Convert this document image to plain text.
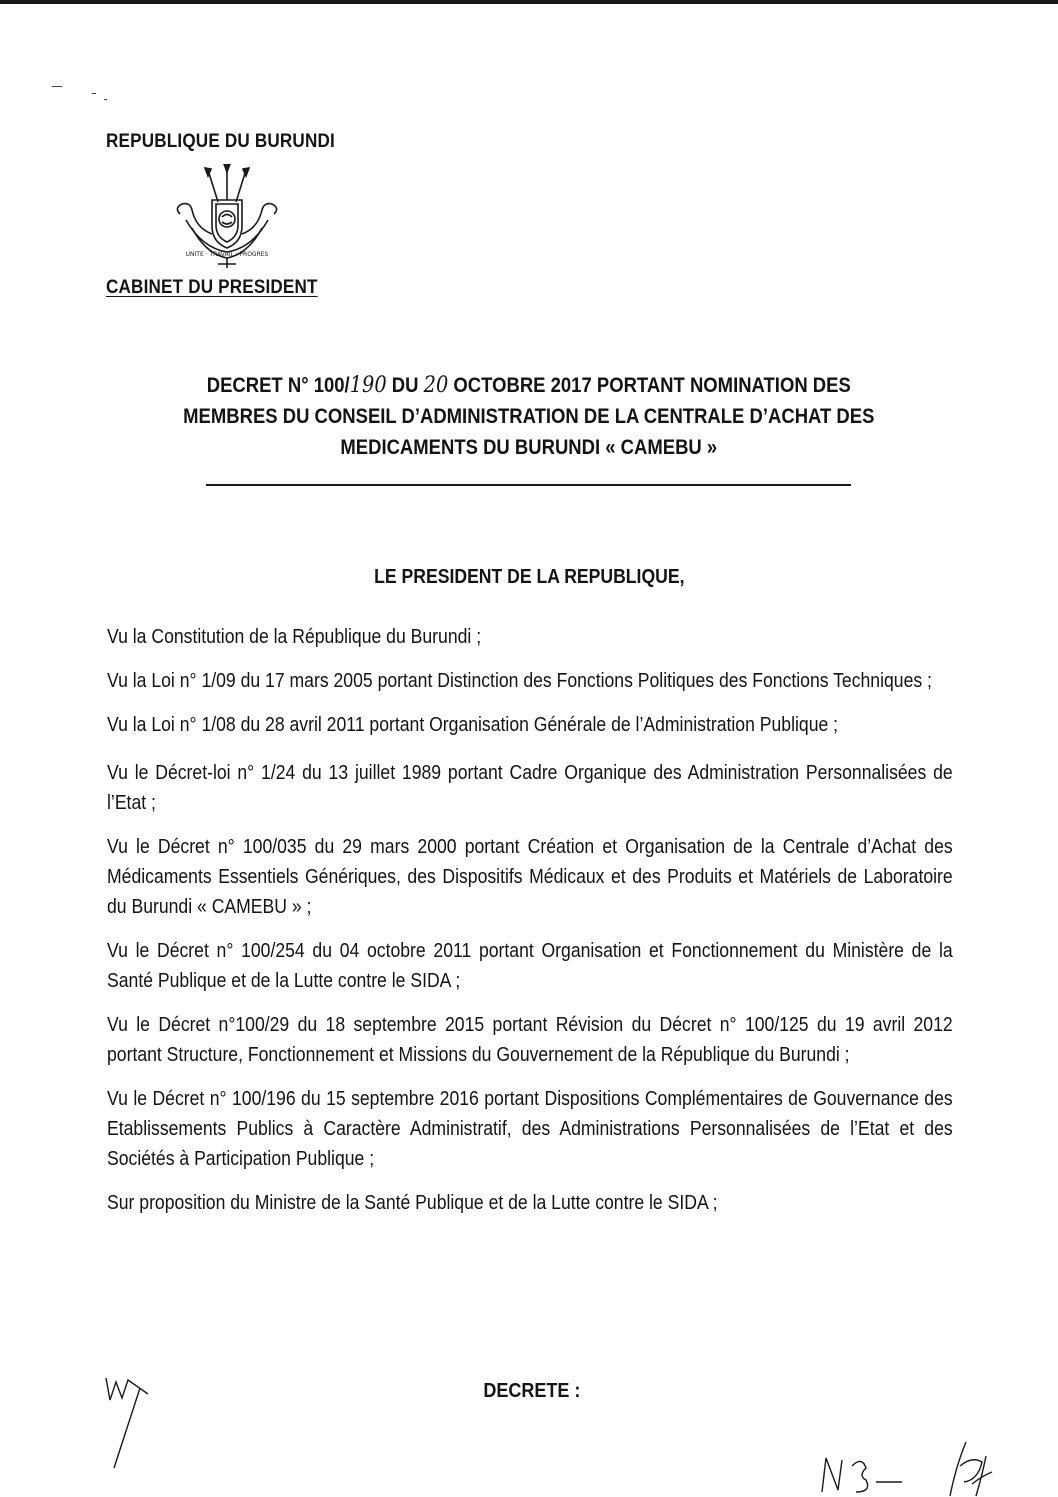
REPUBLIQUE DU BURUNDI
UNITE · TRAVAIL · PROGRES
CABINET DU PRESIDENT
DECRET N° 100/190 DU 20 OCTOBRE 2017 PORTANT NOMINATION DES
MEMBRES DU CONSEIL D’ADMINISTRATION DE LA CENTRALE D’ACHAT DES
MEDICAMENTS DU BURUNDI « CAMEBU »
LE PRESIDENT DE LA REPUBLIQUE,

Vu la Constitution de la République du Burundi ;

Vu la Loi n° 1/09 du 17 mars 2005 portant Distinction des Fonctions Politiques des Fonctions Techniques ;

Vu la Loi n° 1/08 du 28 avril 2011 portant Organisation Générale de l’Administration Publique ;

Vu le Décret-loi n° 1/24 du 13 juillet 1989 portant Cadre Organique des Administration Personnalisées de l’Etat ;

Vu le Décret n° 100/035 du 29 mars 2000 portant Création et Organisation de la Centrale d’Achat des Médicaments Essentiels Génériques, des Dispositifs Médicaux et des Produits et Matériels de Laboratoire du Burundi « CAMEBU » ;

Vu le Décret n° 100/254 du 04 octobre 2011 portant Organisation et Fonctionnement du Ministère de la Santé Publique et de la Lutte contre le SIDA ;

Vu le Décret n°100/29 du 18 septembre 2015 portant Révision du Décret n° 100/125 du 19 avril 2012 portant Structure, Fonctionnement et Missions du Gouvernement de la République du Burundi ;

Vu le Décret n° 100/196 du 15 septembre 2016 portant Dispositions Complémentaires de Gouvernance des Etablissements Publics à Caractère Administratif, des Administrations Personnalisées de l’Etat et des Sociétés à Participation Publique ;

Sur proposition du Ministre de la Santé Publique et de la Lutte contre le SIDA ;

DECRETE :
